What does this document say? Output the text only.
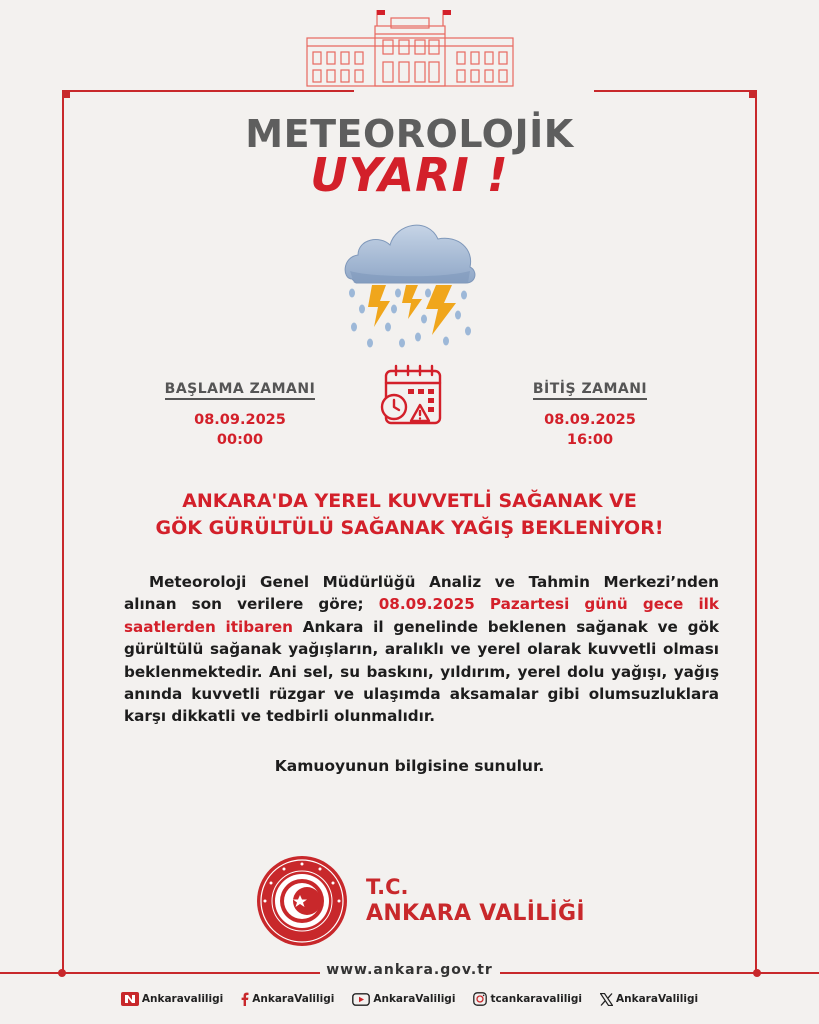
METEOROLOJİK
UYARI !
BAŞLAMA ZAMANI
08.09.2025
00:00
BİTİŞ ZAMANI
08.09.2025
16:00
ANKARA'DA YEREL KUVVETLİ SAĞANAK VE
GÖK GÜRÜLTÜLÜ SAĞANAK YAĞIŞ BEKLENİYOR!

Meteoroloji Genel Müdürlüğü Analiz ve Tahmin Merkezi’nden alınan son verilere göre; 08.09.2025 Pazartesi günü gece ilk saatlerden itibaren Ankara il genelinde beklenen sağanak ve gök gürültülü sağanak yağışların, aralıklı ve yerel olarak kuvvetli olması beklenmektedir. Ani sel, su baskını, yıldırım, yerel dolu yağışı, yağış anında kuvvetli rüzgar ve ulaşımda aksamalar gibi olumsuzluklara karşı dikkatli ve tedbirli olunmalıdır.

Kamuoyunun bilgisine sunulur.
T.C.
ANKARA VALİLİĞİ
www.ankara.gov.tr
Ankaravaliligi	AnkaraValiligi	AnkaraValiligi	tcankaravaliligi	AnkaraValiligi
